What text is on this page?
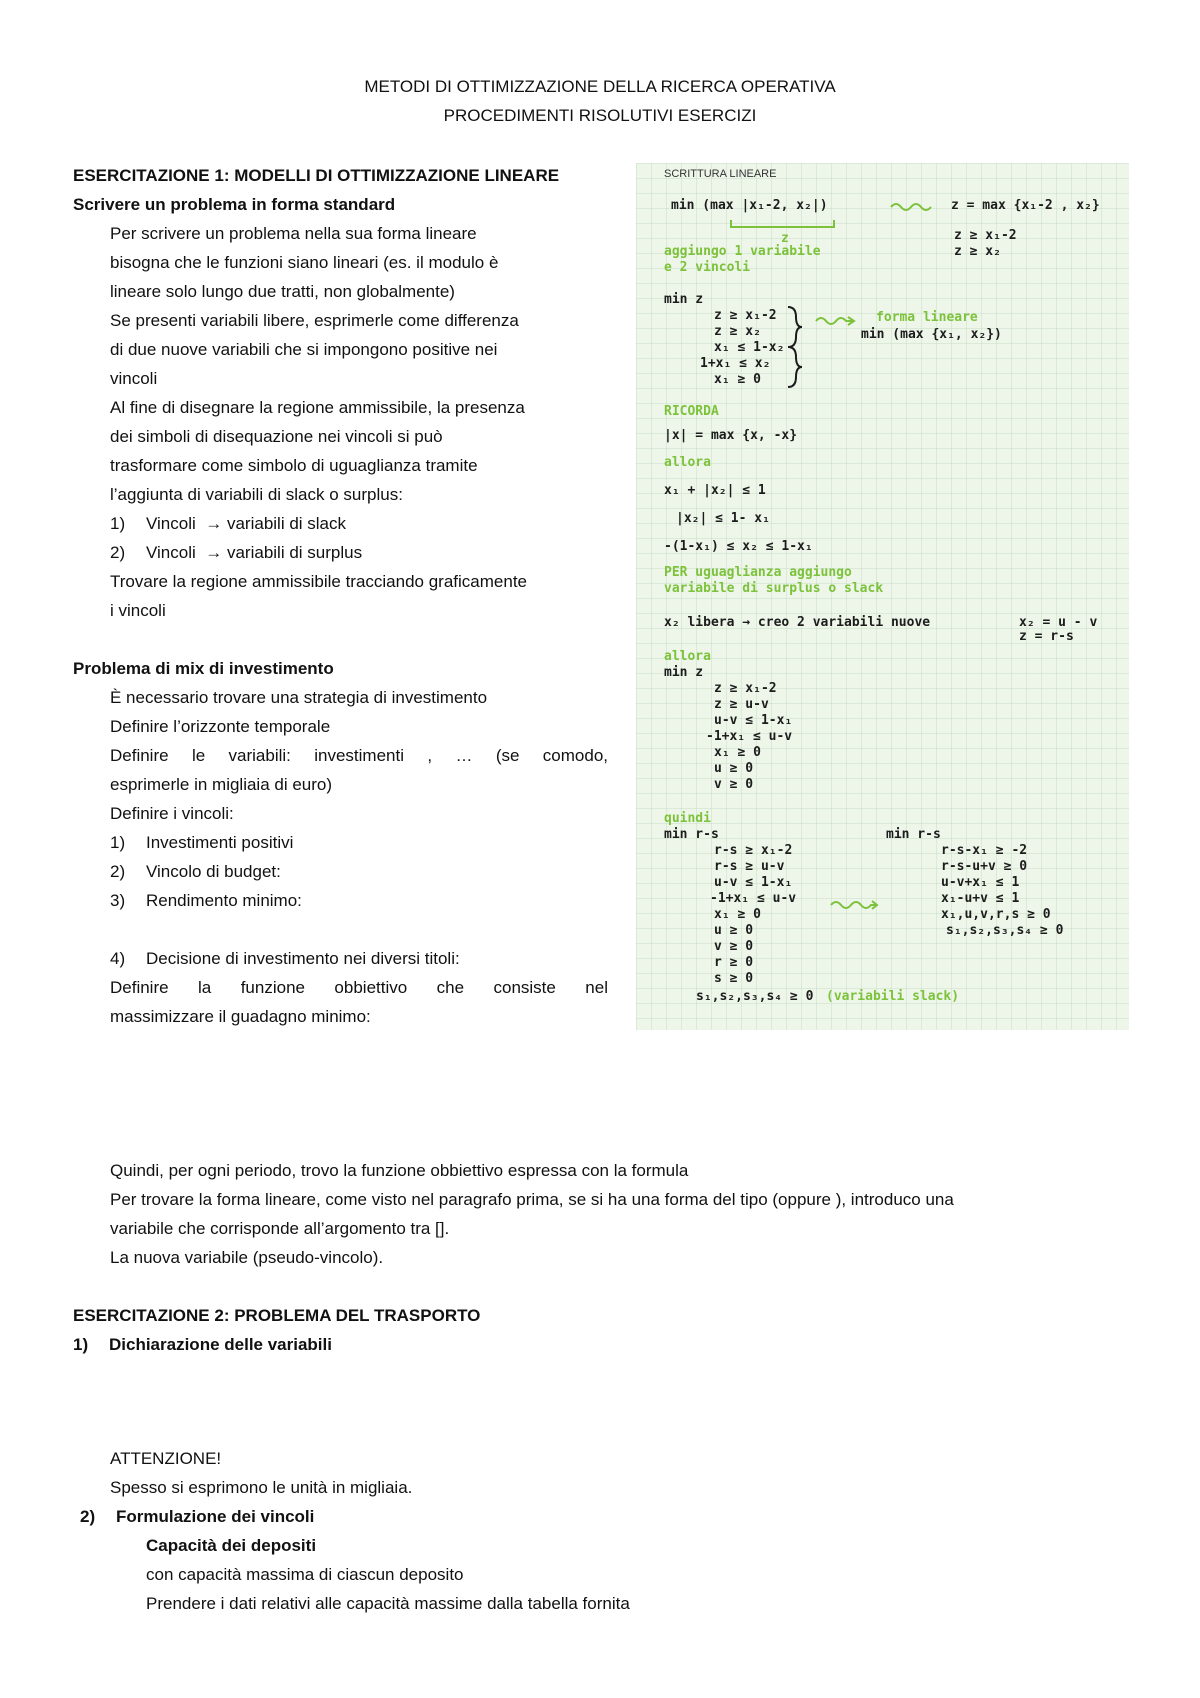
METODI DI OTTIMIZZAZIONE DELLA RICERCA OPERATIVA
PROCEDIMENTI RISOLUTIVI ESERCIZI
ESERCITAZIONE 1: MODELLI DI OTTIMIZZAZIONE LINEARE
Scrivere un problema in forma standard
Per scrivere un problema nella sua forma lineare
bisogna che le funzioni siano lineari (es. il modulo è
lineare solo lungo due tratti, non globalmente)
Se presenti variabili libere, esprimerle come differenza
di due nuove variabili che si impongono positive nei
vincoli
Al fine di disegnare la regione ammissibile, la presenza
dei simboli di disequazione nei vincoli si può
trasformare come simbolo di uguaglianza tramite
l’aggiunta di variabili di slack o surplus:
1) Vincoli → variabili di slack
2) Vincoli → variabili di surplus
Trovare la regione ammissibile tracciando graficamente
i vincoli
Problema di mix di investimento
È necessario trovare una strategia di investimento
Definire l’orizzonte temporale
Definire le variabili: investimenti , … (se comodo,
esprimerle in migliaia di euro)
Definire i vincoli:
1) Investimenti positivi
2) Vincolo di budget:
3) Rendimento minimo:
4) Decisione di investimento nei diversi titoli:
Definire la funzione obbiettivo che consiste nel
massimizzare il guadagno minimo:
Quindi, per ogni periodo, trovo la funzione obbiettivo espressa con la formula
Per trovare la forma lineare, come visto nel paragrafo prima, se si ha una forma del tipo (oppure ), introduco una
variabile che corrisponde all’argomento tra [].
La nuova variabile (pseudo-vincolo).
ESERCITAZIONE 2: PROBLEMA DEL TRASPORTO
1) Dichiarazione delle variabili
ATTENZIONE!
Spesso si esprimono le unità in migliaia.
2) Formulazione dei vincoli
Capacità dei depositi
con capacità massima di ciascun deposito
Prendere i dati relativi alle capacità massime dalla tabella fornita
SCRITTURA LINEARE
min (max |x₁-2, x₂|)	z = max {x₁-2 , x₂}
z	z ≥ x₁-2
z ≥ x₂
aggiungo 1 variabile
e 2 vincoli
min z
z ≥ x₁-2
z ≥ x₂
x₁ ≤ 1-x₂
1+x₁ ≤ x₂
x₁ ≥ 0
forma lineare
min (max {x₁, x₂})
RICORDA
|x| = max {x, -x}
allora
x₁ + |x₂| ≤ 1
|x₂| ≤ 1- x₁
-(1-x₁) ≤ x₂ ≤ 1-x₁
PER uguaglianza aggiungo
variabile di surplus o slack
x₂ libera → creo 2 variabili nuove	x₂ = u - v
z = r-s
allora
min z
z ≥ x₁-2
z ≥ u-v
u-v ≤ 1-x₁
-1+x₁ ≤ u-v
x₁ ≥ 0
u ≥ 0
v ≥ 0
quindi
min r-s
r-s ≥ x₁-2
r-s ≥ u-v
u-v ≤ 1-x₁
-1+x₁ ≤ u-v
x₁ ≥ 0
u ≥ 0
v ≥ 0
r ≥ 0
s ≥ 0
s₁,s₂,s₃,s₄ ≥ 0 (variabili slack)
min r-s
r-s-x₁ ≥ -2
r-s-u+v ≥ 0
u-v+x₁ ≤ 1
x₁-u+v ≤ 1
x₁,u,v,r,s ≥ 0
s₁,s₂,s₃,s₄ ≥ 0
